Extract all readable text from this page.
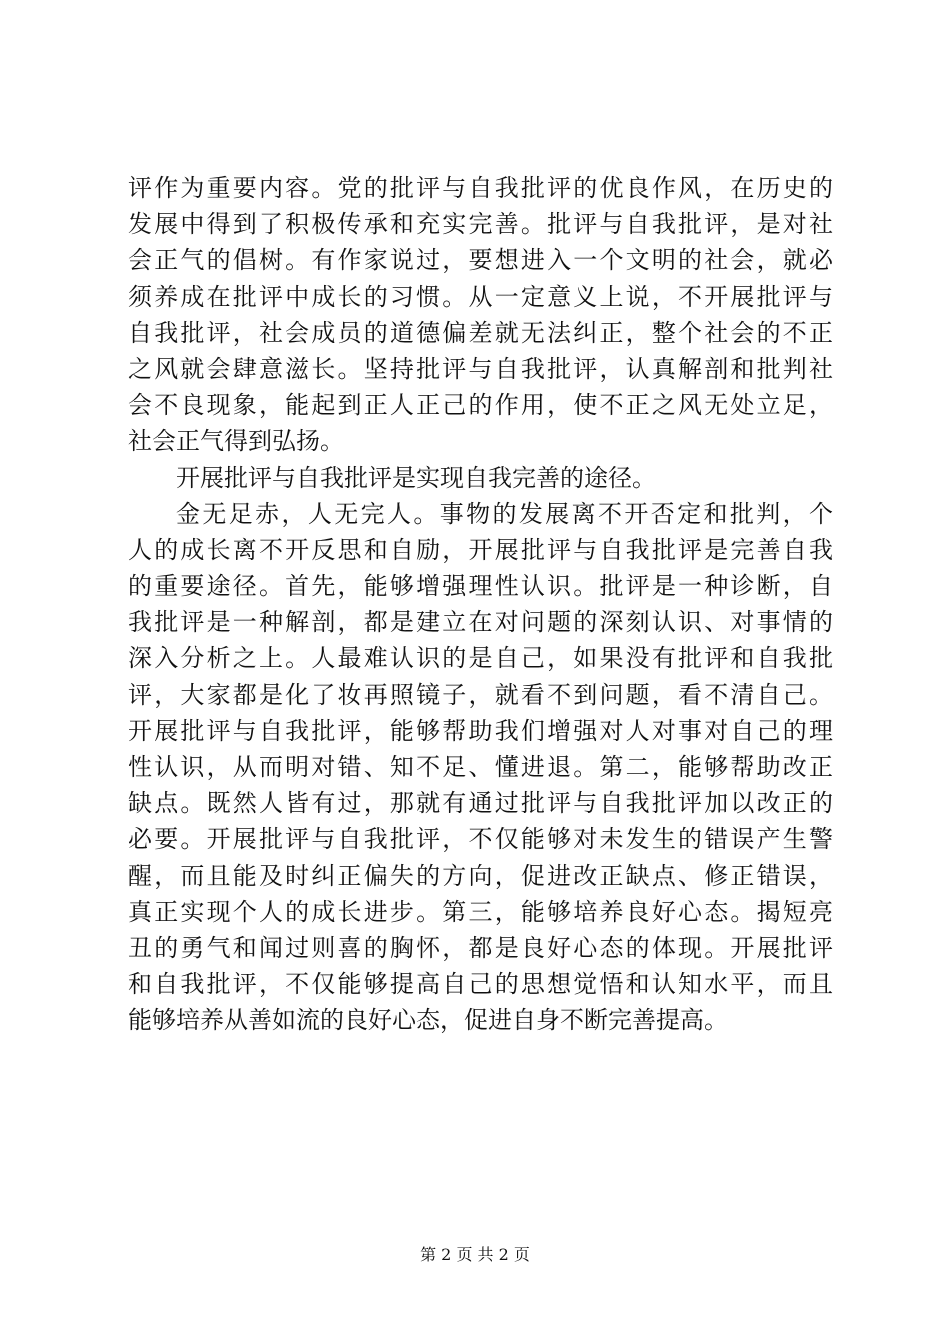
评作为重要内容。党的批评与自我批评的优良作风，在历史的
发展中得到了积极传承和充实完善。批评与自我批评，是对社
会正气的倡树。有作家说过，要想进入一个文明的社会，就必
须养成在批评中成长的习惯。从一定意义上说，不开展批评与
自我批评，社会成员的道德偏差就无法纠正，整个社会的不正
之风就会肆意滋长。坚持批评与自我批评，认真解剖和批判社
会不良现象，能起到正人正己的作用，使不正之风无处立足，
社会正气得到弘扬。
开展批评与自我批评是实现自我完善的途径。
金无足赤，人无完人。事物的发展离不开否定和批判，个
人的成长离不开反思和自励，开展批评与自我批评是完善自我
的重要途径。首先，能够增强理性认识。批评是一种诊断，自
我批评是一种解剖，都是建立在对问题的深刻认识、对事情的
深入分析之上。人最难认识的是自己，如果没有批评和自我批
评，大家都是化了妆再照镜子，就看不到问题，看不清自己。
开展批评与自我批评，能够帮助我们增强对人对事对自己的理
性认识，从而明对错、知不足、懂进退。第二，能够帮助改正
缺点。既然人皆有过，那就有通过批评与自我批评加以改正的
必要。开展批评与自我批评，不仅能够对未发生的错误产生警
醒，而且能及时纠正偏失的方向，促进改正缺点、修正错误，
真正实现个人的成长进步。第三，能够培养良好心态。揭短亮
丑的勇气和闻过则喜的胸怀，都是良好心态的体现。开展批评
和自我批评，不仅能够提高自己的思想觉悟和认知水平，而且
能够培养从善如流的良好心态，促进自身不断完善提高。
第 2 页 共 2 页
